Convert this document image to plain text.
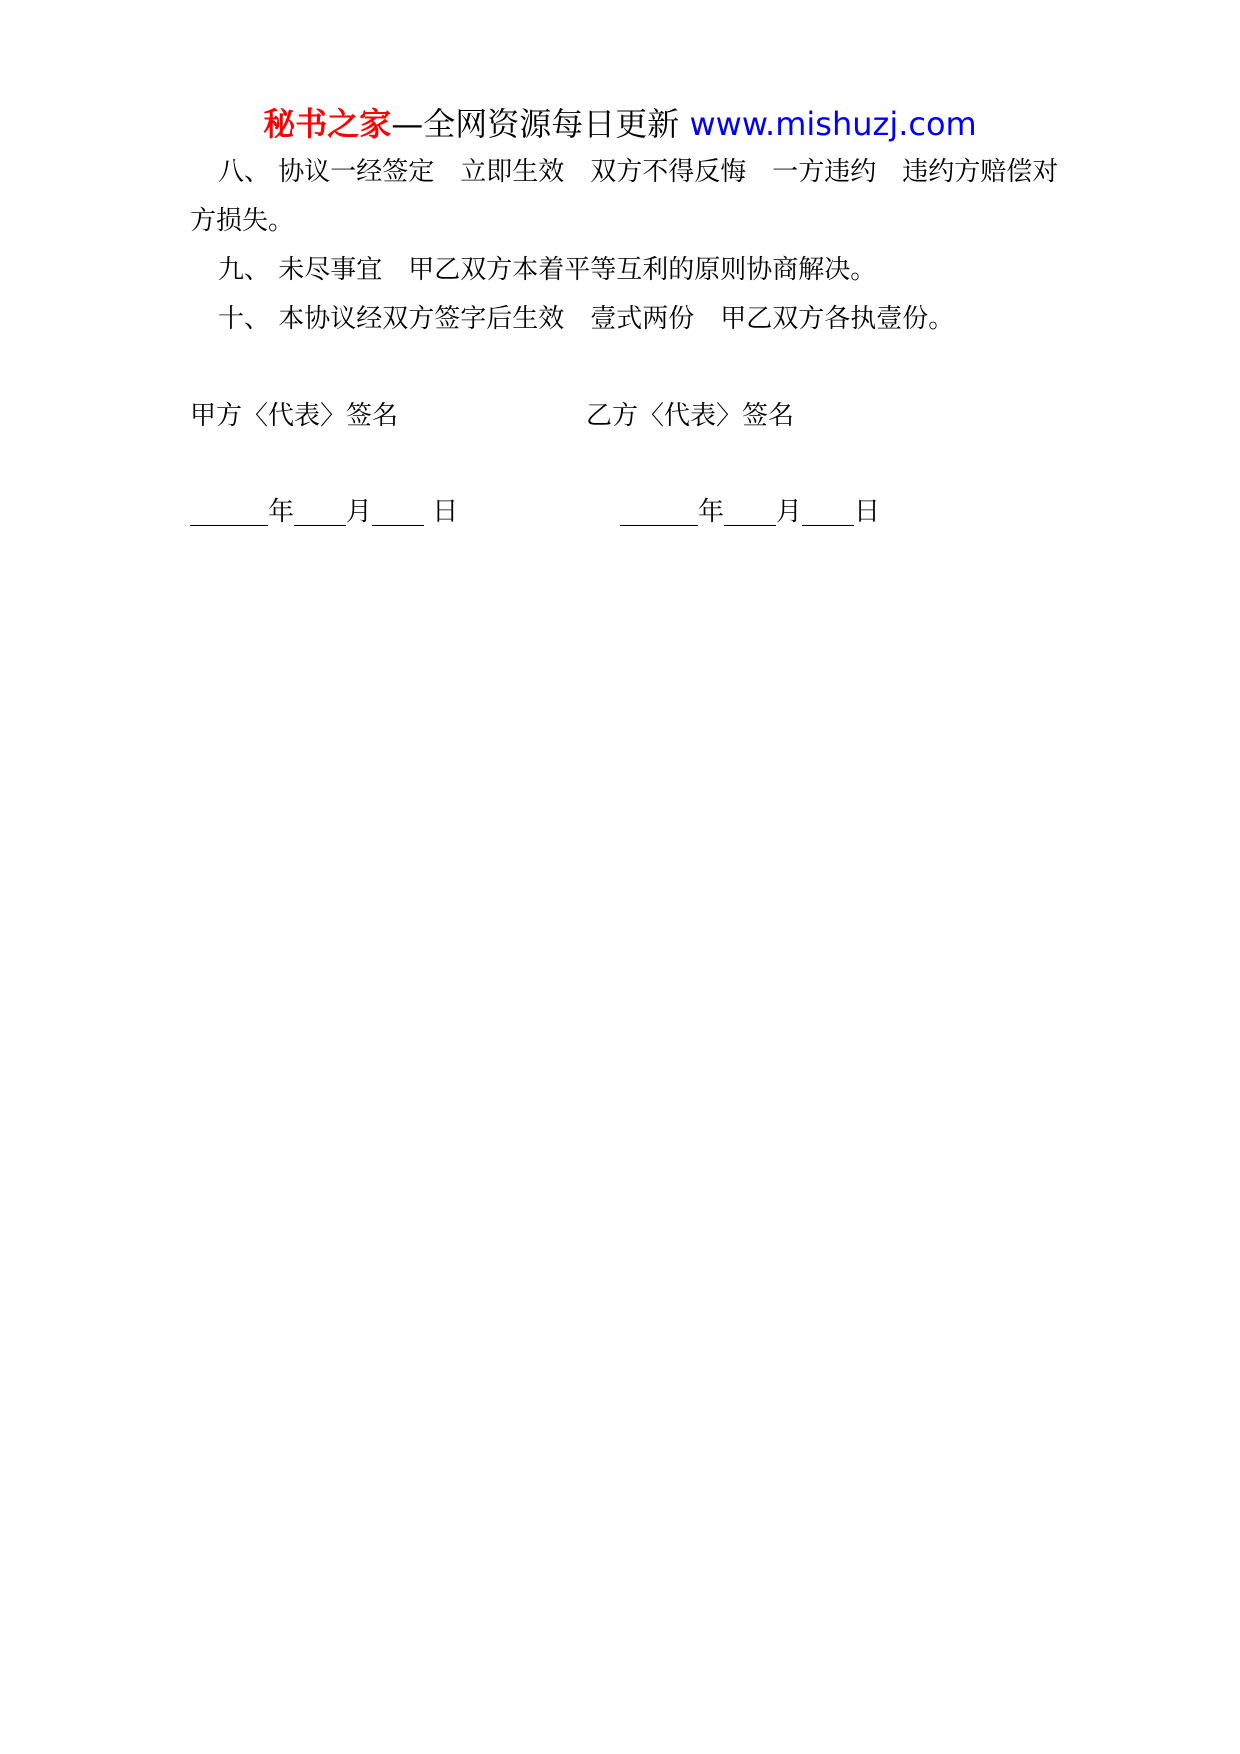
秘书之家—全网资源每日更新 www.mishuzj.com

八、 协议一经签定　立即生效　双方不得反悔　一方违约　违约方赔偿对方损失。

九、 未尽事宜　甲乙双方本着平等互利的原则协商解决。

十、 本协议经双方签字后生效　壹式两份　甲乙双方各执壹份。

甲方〈代表〉签名	乙方〈代表〉签名
______年____月____ 日	______年____月____日
